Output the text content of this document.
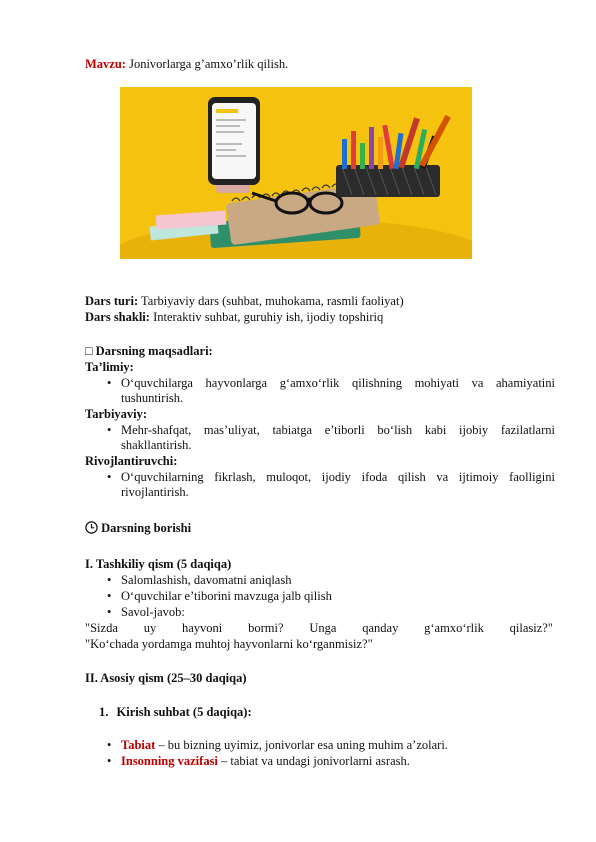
Mavzu: Jonivorlarga g’amxo’rlik qilish.
Dars turi: Tarbiyaviy dars (suhbat, muhokama, rasmli faoliyat)
Dars shakli: Interaktiv suhbat, guruhiy ish, ijodiy topshiriq
□ Darsning maqsadlari:
Ta’limiy:
• O‘quvchilarga hayvonlarga g‘amxo‘rlik qilishning mohiyati va ahamiyatini tushuntirish.
Tarbiyaviy:
• Mehr-shafqat, mas’uliyat, tabiatga e’tiborli bo‘lish kabi ijobiy fazilatlarni shakllantirish.
Rivojlantiruvchi:
• O‘quvchilarning fikrlash, muloqot, ijodiy ifoda qilish va ijtimoiy faolligini rivojlantirish.
Darsning borishi
I. Tashkiliy qism (5 daqiqa)
• Salomlashish, davomatni aniqlash
• O‘quvchilar e’tiborini mavzuga jalb qilish
• Savol-javob:
"Sizda uy hayvoni bormi? Unga qanday g‘amxo‘rlik qilasiz?"
"Ko‘chada yordamga muhtoj hayvonlarni ko‘rganmisiz?"
II. Asosiy qism (25–30 daqiqa)
1. Kirish suhbat (5 daqiqa):
• Tabiat – bu bizning uyimiz, jonivorlar esa uning muhim a’zolari.
• Insonning vazifasi – tabiat va undagi jonivorlarni asrash.
